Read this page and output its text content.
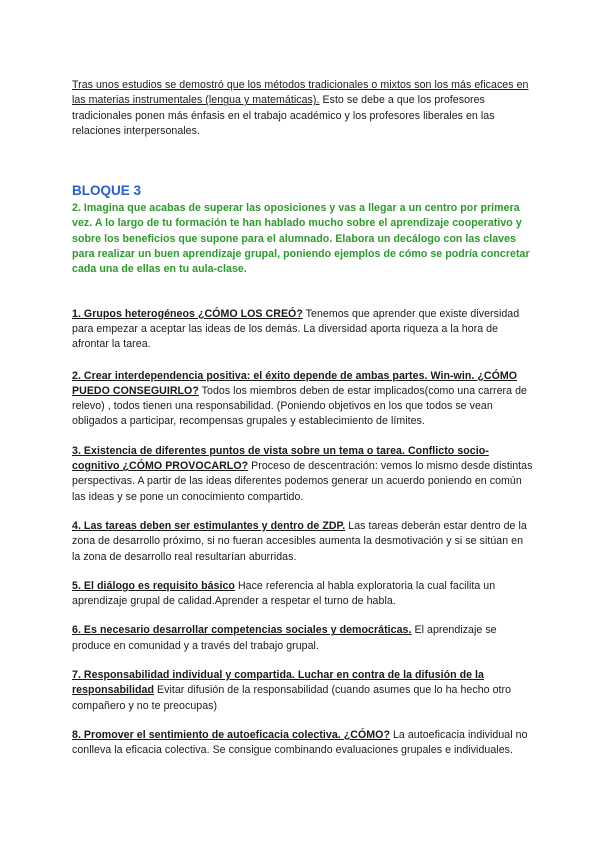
Tras unos estudios se demostró que los métodos tradicionales o mixtos son los más eficaces en las materias instrumentales (lengua y matemáticas). Esto se debe a que los profesores tradicionales ponen más énfasis en el trabajo académico y los profesores liberales en las relaciones interpersonales.

BLOQUE 3

2. Imagina que acabas de superar las oposiciones y vas a llegar a un centro por primera vez. A lo largo de tu formación te han hablado mucho sobre el aprendizaje cooperativo y sobre los beneficios que supone para el alumnado. Elabora un decálogo con las claves para realizar un buen aprendizaje grupal, poniendo ejemplos de cómo se podría concretar cada una de ellas en tu aula-clase.

1. Grupos heterogéneos ¿CÓMO LOS CREÓ? Tenemos que aprender que existe diversidad para empezar a aceptar las ideas de los demás. La diversidad aporta riqueza a la hora de afrontar la tarea.

2. Crear interdependencia positiva: el éxito depende de ambas partes. Win-win. ¿CÓMO PUEDO CONSEGUIRLO? Todos los miembros deben de estar implicados(como una carrera de relevo) , todos tienen una responsabilidad. (Poniendo objetivos en los que todos se vean obligados a participar, recompensas grupales y establecimiento de límites.

3. Existencia de diferentes puntos de vista sobre un tema o tarea. Conflicto socio-cognitivo ¿CÓMO PROVOCARLO? Proceso de descentración: vemos lo mismo desde distintas perspectivas. A partir de las ideas diferentes podemos generar un acuerdo poniendo en común las ideas y se pone un conocimiento compartido.

4. Las tareas deben ser estimulantes y dentro de ZDP. Las tareas deberán estar dentro de la zona de desarrollo próximo, si no fueran accesibles aumenta la desmotivación y si se sitúan en la zona de desarrollo real resultarían aburridas.

5. El diálogo es requisito básico Hace referencia al habla exploratoria la cual facilita un aprendizaje grupal de calidad.Aprender a respetar el turno de habla.

6. Es necesario desarrollar competencias sociales y democráticas. El aprendizaje se produce en comunidad y a través del trabajo grupal.

7. Responsabilidad individual y compartida. Luchar en contra de la difusión de la responsabilidad Evitar difusión de la responsabilidad (cuando asumes que lo ha hecho otro compañero y no te preocupas)

8. Promover el sentimiento de autoeficacia colectiva. ¿CÓMO? La autoeficacia individual no conlleva la eficacia colectiva. Se consigue combinando evaluaciones grupales e individuales.
